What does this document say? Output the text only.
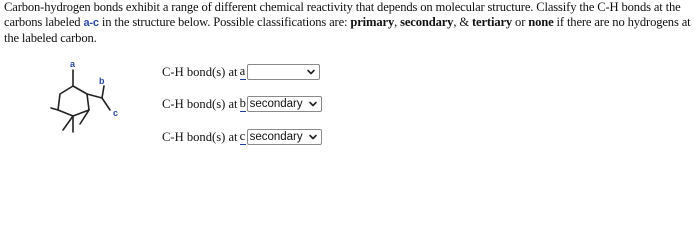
Carbon-hydrogen bonds exhibit a range of different chemical reactivity that depends on molecular structure. Classify the C-H bonds at the carbons labeled a-c in the structure below. Possible classifications are: primary, secondary, & tertiary or none if there are no hydrogens at the labeled carbon.
a
b
c
C-H bond(s) at a
C-H bond(s) at b secondary
C-H bond(s) at c secondary
